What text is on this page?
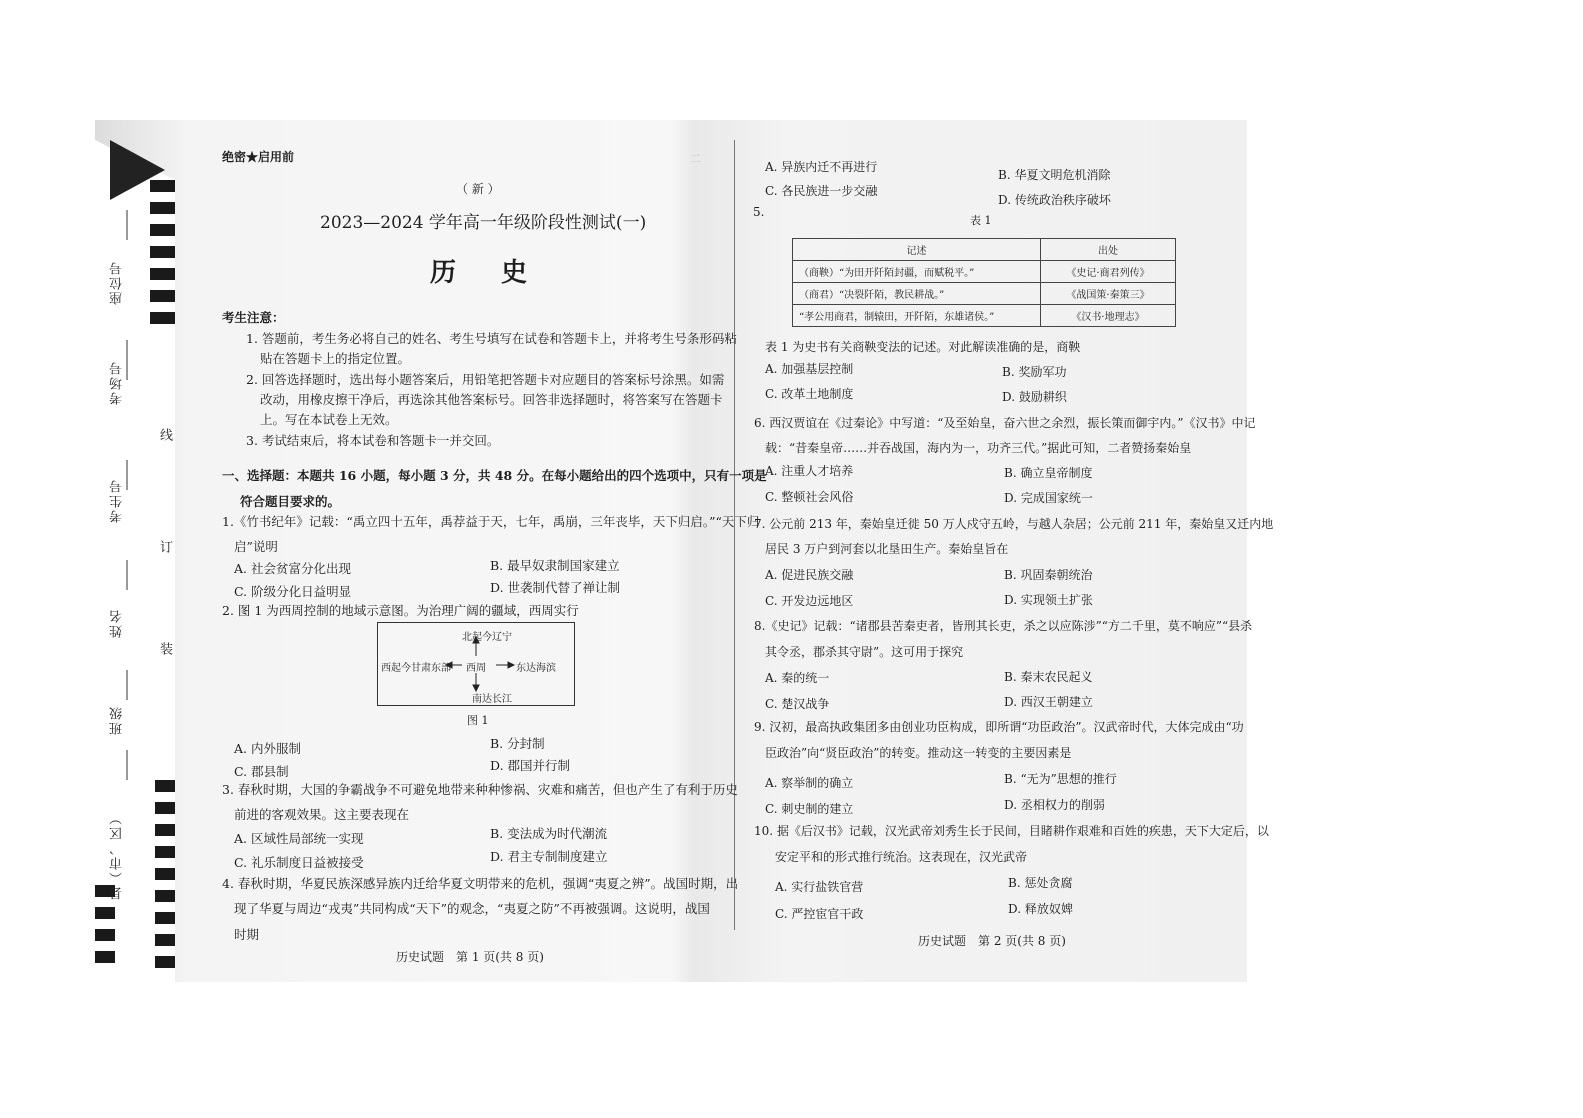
座位号
考场号
考生号
姓名
班级
县（市、区）
线
订
装
二
绝密★启用前
（ 新 ）
2023—2024 学年高一年级阶段性测试(一)
历 史
考生注意：
1. 答题前，考生务必将自己的姓名、考生号填写在试卷和答题卡上，并将考生号条形码粘
贴在答题卡上的指定位置。
2. 回答选择题时，选出每小题答案后，用铅笔把答题卡对应题目的答案标号涂黑。如需
改动，用橡皮擦干净后，再选涂其他答案标号。回答非选择题时，将答案写在答题卡
上。写在本试卷上无效。
3. 考试结束后，将本试卷和答题卡一并交回。
一、选择题：本题共 16 小题，每小题 3 分，共 48 分。在每小题给出的四个选项中，只有一项是
符合题目要求的。
1.《竹书纪年》记载：“禹立四十五年，禹荐益于天，七年，禹崩，三年丧毕，天下归启。”“天下归
启”说明
A. 社会贫富分化出现	B. 最早奴隶制国家建立
C. 阶级分化日益明显	D. 世袭制代替了禅让制
2. 图 1 为西周控制的地域示意图。为治理广阔的疆域，西周实行
北起今辽宁
西起今甘肃东部 西周	东达海滨
南达长江
图 1
A. 内外服制	B. 分封制
C. 郡县制	D. 郡国并行制
3. 春秋时期，大国的争霸战争不可避免地带来种种惨祸、灾难和痛苦，但也产生了有利于历史
前进的客观效果。这主要表现在
A. 区域性局部统一实现	B. 变法成为时代潮流
C. 礼乐制度日益被接受	D. 君主专制制度建立
4. 春秋时期，华夏民族深感异族内迁给华夏文明带来的危机，强调“夷夏之辨”。战国时期，出
现了华夏与周边“戎夷”共同构成“天下”的观念，“夷夏之防”不再被强调。这说明，战国
时期
历史试题　第 1 页(共 8 页)
A. 异族内迁不再进行
B. 华夏文明危机消除
C. 各民族进一步交融
D. 传统政治秩序破坏
5.
表 1
记述	出处
（商鞅）“为田开阡陌封疆，而赋税平。”	《史记·商君列传》
（商君）“决裂阡陌，教民耕战。”	《战国策·秦策三》
“孝公用商君，制辕田，开阡陌，东雄诸侯。”	《汉书·地理志》
表 1 为史书有关商鞅变法的记述。对此解读准确的是，商鞅
A. 加强基层控制	B. 奖励军功
C. 改革土地制度	D. 鼓励耕织
6. 西汉贾谊在《过秦论》中写道：“及至始皇，奋六世之余烈，振长策而御宇内。”《汉书》中记
载：“昔秦皇帝……并吞战国，海内为一，功齐三代。”据此可知，二者赞扬秦始皇
A. 注重人才培养	B. 确立皇帝制度
C. 整顿社会风俗	D. 完成国家统一
7. 公元前 213 年，秦始皇迁徙 50 万人戍守五岭，与越人杂居；公元前 211 年，秦始皇又迁内地
居民 3 万户到河套以北垦田生产。秦始皇旨在
A. 促进民族交融	B. 巩固秦朝统治
C. 开发边远地区	D. 实现领土扩张
8.《史记》记载：“诸郡县苦秦吏者，皆刑其长吏，杀之以应陈涉”“方二千里，莫不响应”“县杀
其令丞，郡杀其守尉”。这可用于探究
A. 秦的统一	B. 秦末农民起义
C. 楚汉战争	D. 西汉王朝建立
9. 汉初，最高执政集团多由创业功臣构成，即所谓“功臣政治”。汉武帝时代，大体完成由“功
臣政治”向“贤臣政治”的转变。推动这一转变的主要因素是
A. 察举制的确立	B. “无为”思想的推行
C. 刺史制的建立	D. 丞相权力的削弱
10. 据《后汉书》记载，汉光武帝刘秀生长于民间，目睹耕作艰难和百姓的疾患，天下大定后，以
安定平和的形式推行统治。这表现在，汉光武帝
A. 实行盐铁官营	B. 惩处贪腐
C. 严控宦官干政	D. 释放奴婢
历史试题　第 2 页(共 8 页)
